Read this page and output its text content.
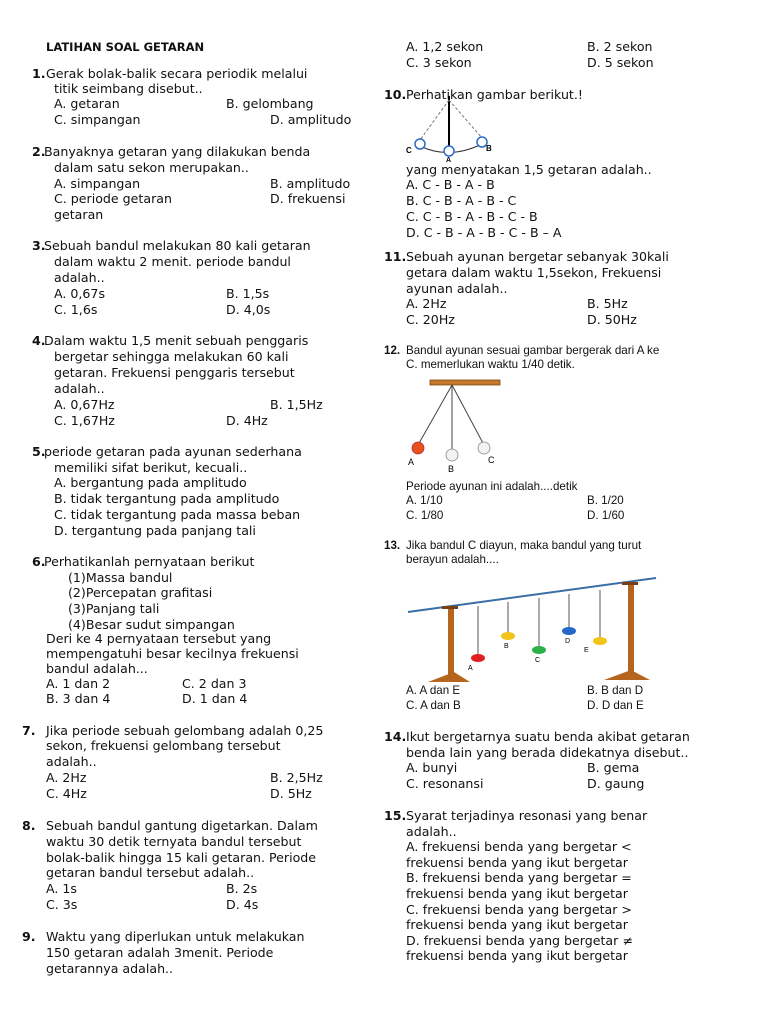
LATIHAN SOAL GETARAN
1. Gerak bolak-balik secara periodik melalui
titik seimbang disebut..
A. getaran	B. gelombang
C. simpangan	D. amplitudo
2.
Banyaknya getaran yang dilakukan benda
dalam satu sekon merupakan..
A. simpangan	B. amplitudo
C. periode getaran	D. frekuensi
getaran
3.
Sebuah bandul melakukan 80 kali getaran
dalam waktu 2 menit. periode bandul
adalah..
A. 0,67s	B. 1,5s
C. 1,6s	D. 4,0s
4.
Dalam waktu 1,5 menit sebuah penggaris
bergetar sehingga melakukan 60 kali
getaran. Frekuensi penggaris tersebut
adalah..
A. 0,67Hz	B. 1,5Hz
C. 1,67Hz	D. 4Hz
5.
periode getaran pada ayunan sederhana
memiliki sifat berikut, kecuali..
A. bergantung pada amplitudo
B. tidak tergantung pada amplitudo
C. tidak tergantung pada massa beban
D. tergantung pada panjang tali
6.
Perhatikanlah pernyataan berikut
(1)Massa bandul
(2)Percepatan grafitasi
(3)Panjang tali
(4)Besar sudut simpangan
Deri ke 4 pernyataan tersebut yang
mempengatuhi besar kecilnya frekuensi
bandul adalah...
A. 1 dan 2	C. 2 dan 3
B. 3 dan 4	D. 1 dan 4
7. Jika periode sebuah gelombang adalah 0,25
sekon, frekuensi gelombang tersebut
adalah..
A. 2Hz	B. 2,5Hz
C. 4Hz	D. 5Hz
8. Sebuah bandul gantung digetarkan. Dalam
waktu 30 detik ternyata bandul tersebut
bolak-balik hingga 15 kali getaran. Periode
getaran bandul tersebut adalah..
A. 1s	B. 2s
C. 3s	D. 4s
9. Waktu yang diperlukan untuk melakukan
150 getaran adalah 3menit. Periode
getarannya adalah..
A. 1,2 sekon	B. 2 sekon
C. 3 sekon	D. 5 sekon
10. Perhatikan gambar berikut.!
C
A
B
yang menyatakan 1,5 getaran adalah..
A. C - B - A - B
B. C - B - A - B - C
C. C - B - A - B - C - B
D. C - B - A - B - C - B – A
11. Sebuah ayunan bergetar sebanyak 30kali
getara dalam waktu 1,5sekon, Frekuensi
ayunan adalah..
A. 2Hz	B. 5Hz
C. 20Hz	D. 50Hz
12. Bandul ayunan sesuai gambar bergerak dari A ke
C. memerlukan waktu 1/40 detik.
A
B
C
Periode ayunan ini adalah....detik
A. 1/10	B. 1/20
C. 1/80	D. 1/60
13. Jika bandul C diayun, maka bandul yang turut
berayun adalah....
A
B
C
D
E
A. A dan E	B. B dan D
C. A dan B	D. D dan E
14. Ikut bergetarnya suatu benda akibat getaran
benda lain yang berada didekatnya disebut..
A. bunyi	B. gema
C. resonansi	D. gaung
15. Syarat terjadinya resonasi yang benar
adalah..
A. frekuensi benda yang bergetar <
frekuensi benda yang ikut bergetar
B. frekuensi benda yang bergetar =
frekuensi benda yang ikut bergetar
C. frekuensi benda yang bergetar >
frekuensi benda yang ikut bergetar
D. frekuensi benda yang bergetar ≠
frekuensi benda yang ikut bergetar
